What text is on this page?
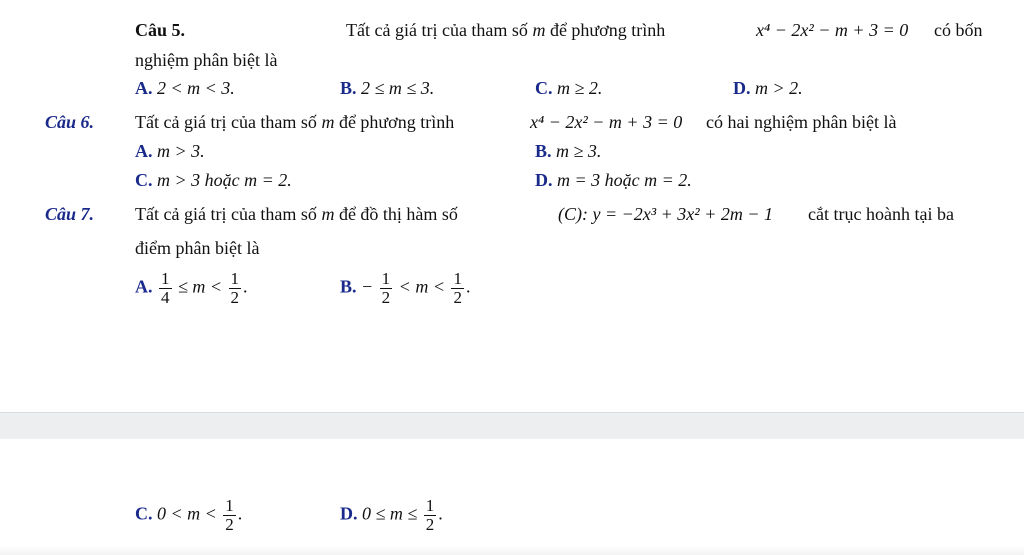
Câu 5.	Tất cả giá trị của tham số m để phương trình	x⁴ − 2x² − m + 3 = 0 có bốn
nghiệm phân biệt là
A. 2 < m < 3.	B. 2 ≤ m ≤ 3.	C. m ≥ 2.	D. m > 2.
Câu 6. Tất cả giá trị của tham số m để phương trình	x⁴ − 2x² − m + 3 = 0 có hai nghiệm phân biệt là
A. m > 3.	B. m ≥ 3.
C. m > 3 hoặc m = 2.	D. m = 3 hoặc m = 2.
Câu 7. Tất cả giá trị của tham số m để đồ thị hàm số	(C): y = −2x³ + 3x² + 2m − 1 cắt trục hoành tại ba
điểm phân biệt là
A. $\frac{1}{4} \le m < \frac{1}{2}$ .	B. − $\frac{1}{2} < m < \frac{1}{2}$ .
C. $0 < m < \frac{1}{2}$ .	D. $0 \le m \le \frac{1}{2}$ .
